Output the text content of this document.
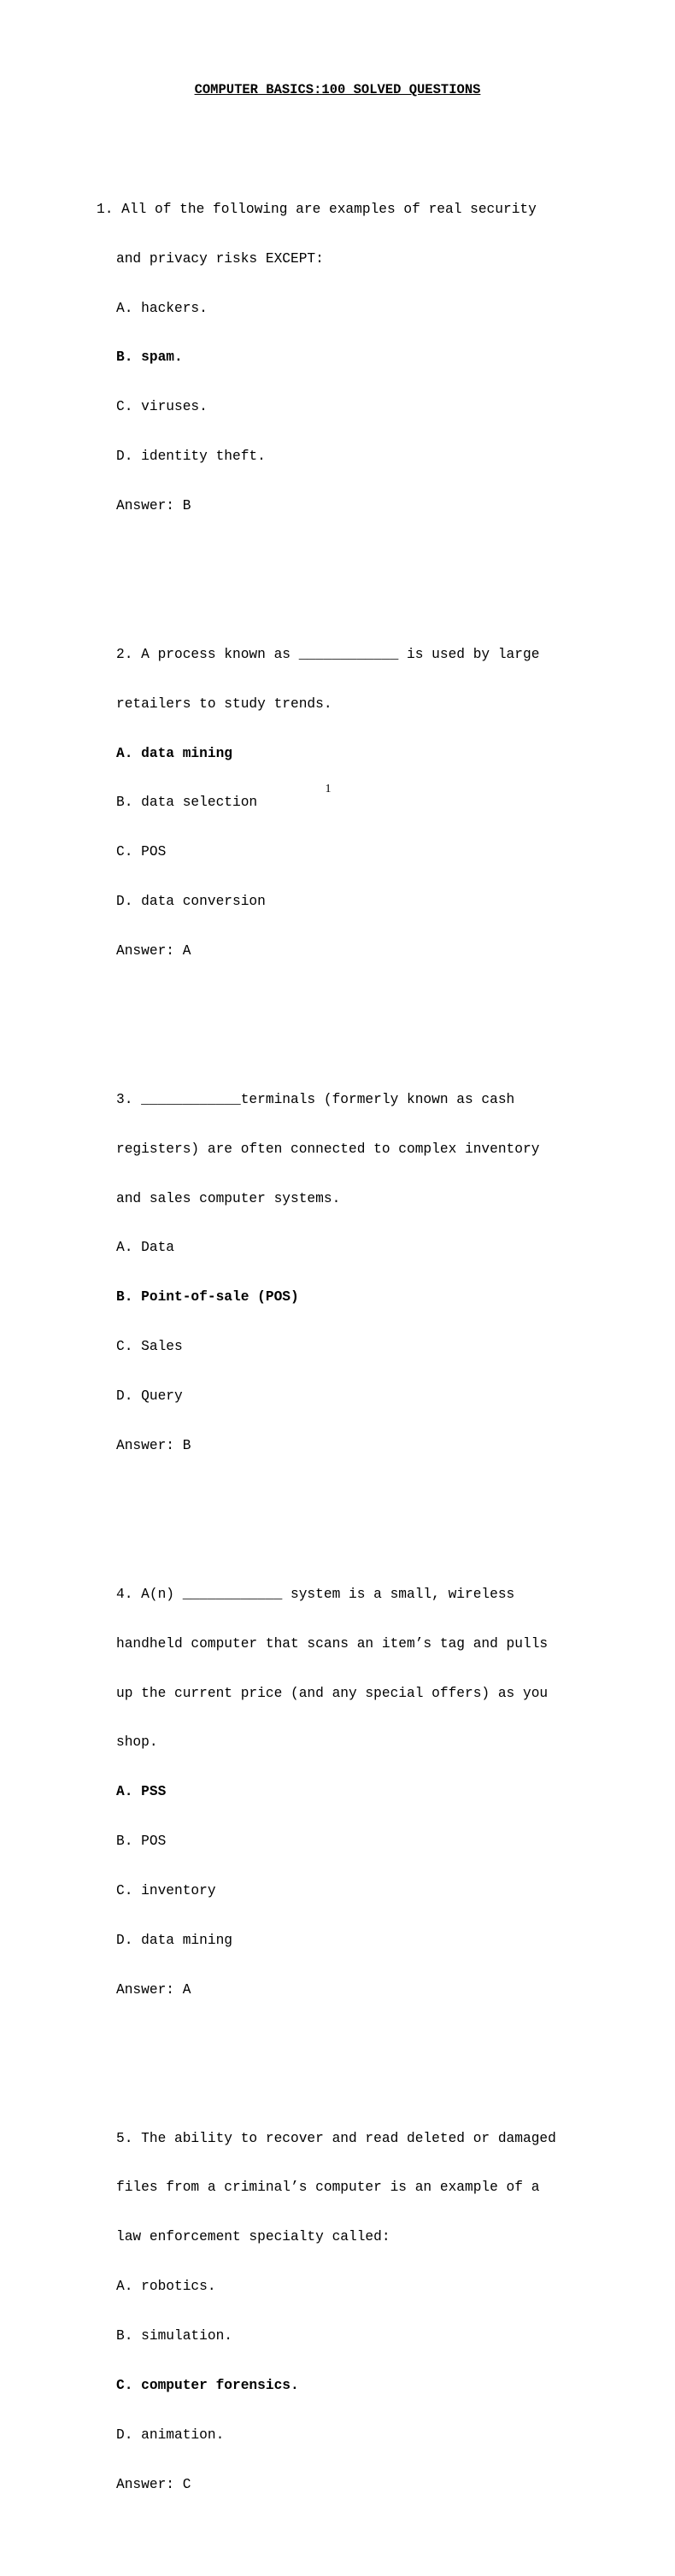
COMPUTER BASICS:100 SOLVED QUESTIONS

1. All of the following are examples of real security

and privacy risks EXCEPT:

A. hackers.

B. spam.

C. viruses.

D. identity theft.

Answer: B

2. A process known as ____________ is used by large

retailers to study trends.

A. data mining

B. data selection

C. POS

D. data conversion

Answer: A

3. ____________terminals (formerly known as cash

registers) are often connected to complex inventory

and sales computer systems.

A. Data

B. Point-of-sale (POS)

C. Sales

D. Query

Answer: B

4. A(n) ____________ system is a small, wireless

handheld computer that scans an item’s tag and pulls

up the current price (and any special offers) as you

shop.

A. PSS

B. POS

C. inventory

D. data mining

Answer: A

5. The ability to recover and read deleted or damaged

files from a criminal’s computer is an example of a

law enforcement specialty called:

A. robotics.

B. simulation.

C. computer forensics.

D. animation.

Answer: C

1
